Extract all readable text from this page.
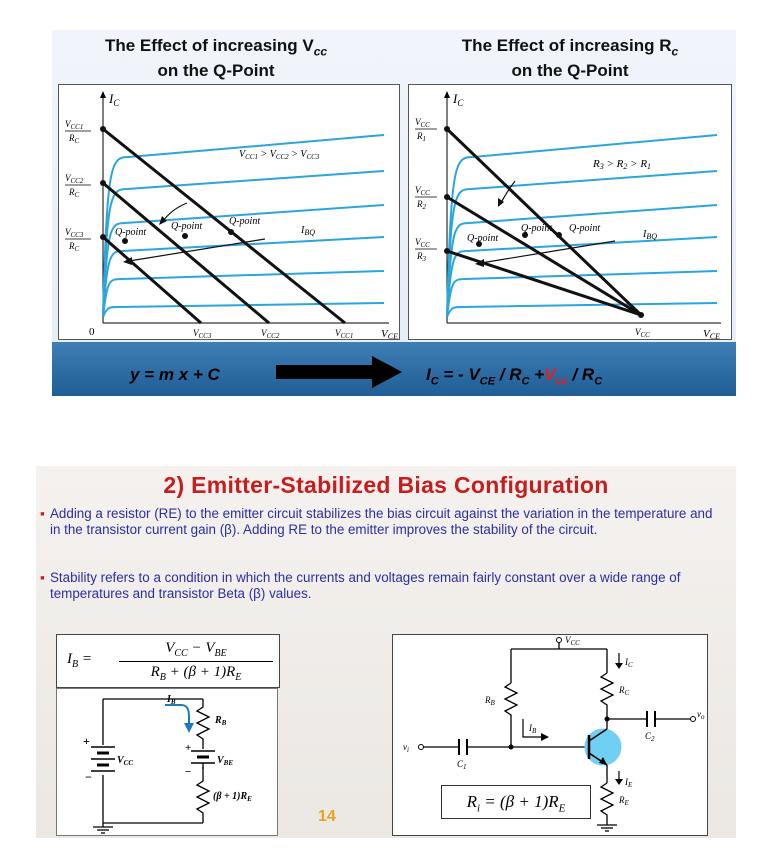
The Effect of increasing $V_{cc}$
on the Q-Point
The Effect of increasing $R_c$
on the Q-Point
$I_C$
VCE
0
Q-point
Q-point	Q-point
$I_{BQ}$
$V_{CC1} > V_{CC2} > V_{CC3}$
$V_{CC1}$
$R_C$
$V_{CC2}$
$R_C$
$V_{CC3}$
$R_C$
$V_{CC3}$	$V_{CC2}$	$V_{CC1}$
$I_C$
VCE
Q-point
Q-point Q-point
$I_{BQ}$
R3 > R2 > R1
$V_{CC}$
$R_1$
$V_{CC}$
$R_2$
$V_{CC}$
$R_3$
$V_{CC}$
y = m x + C	$I_C$ = - $V_{CE} / R_C +V_{cc} / R_C$
2) Emitter-Stabilized Bias Configuration
▪ Adding a resistor (RE) to the emitter circuit stabilizes the bias circuit against the variation in the temperature and in the transistor current gain (β). Adding RE to the emitter improves the stability of the circuit.
▪ Stability refers to a condition in which the currents and voltages remain fairly constant over a wide range of temperatures and transistor Beta (β) values.
$I_B$ =
$V_{CC} - V_{BE}$
$R_B + (\beta + 1)R_E$
$I_B$
$R_B$
$V_{BE}$
$V_{CC}$
$(\beta + 1)R_E$
+
−
+
−
$V_{CC}$
$I_C$
$R_C$
$R_B$
$I_B$
$v_i$
$v_o$
$C_1$
$C_2$
$I_E$
$R_E$
$R_i = (\beta + 1)R_E$
14
